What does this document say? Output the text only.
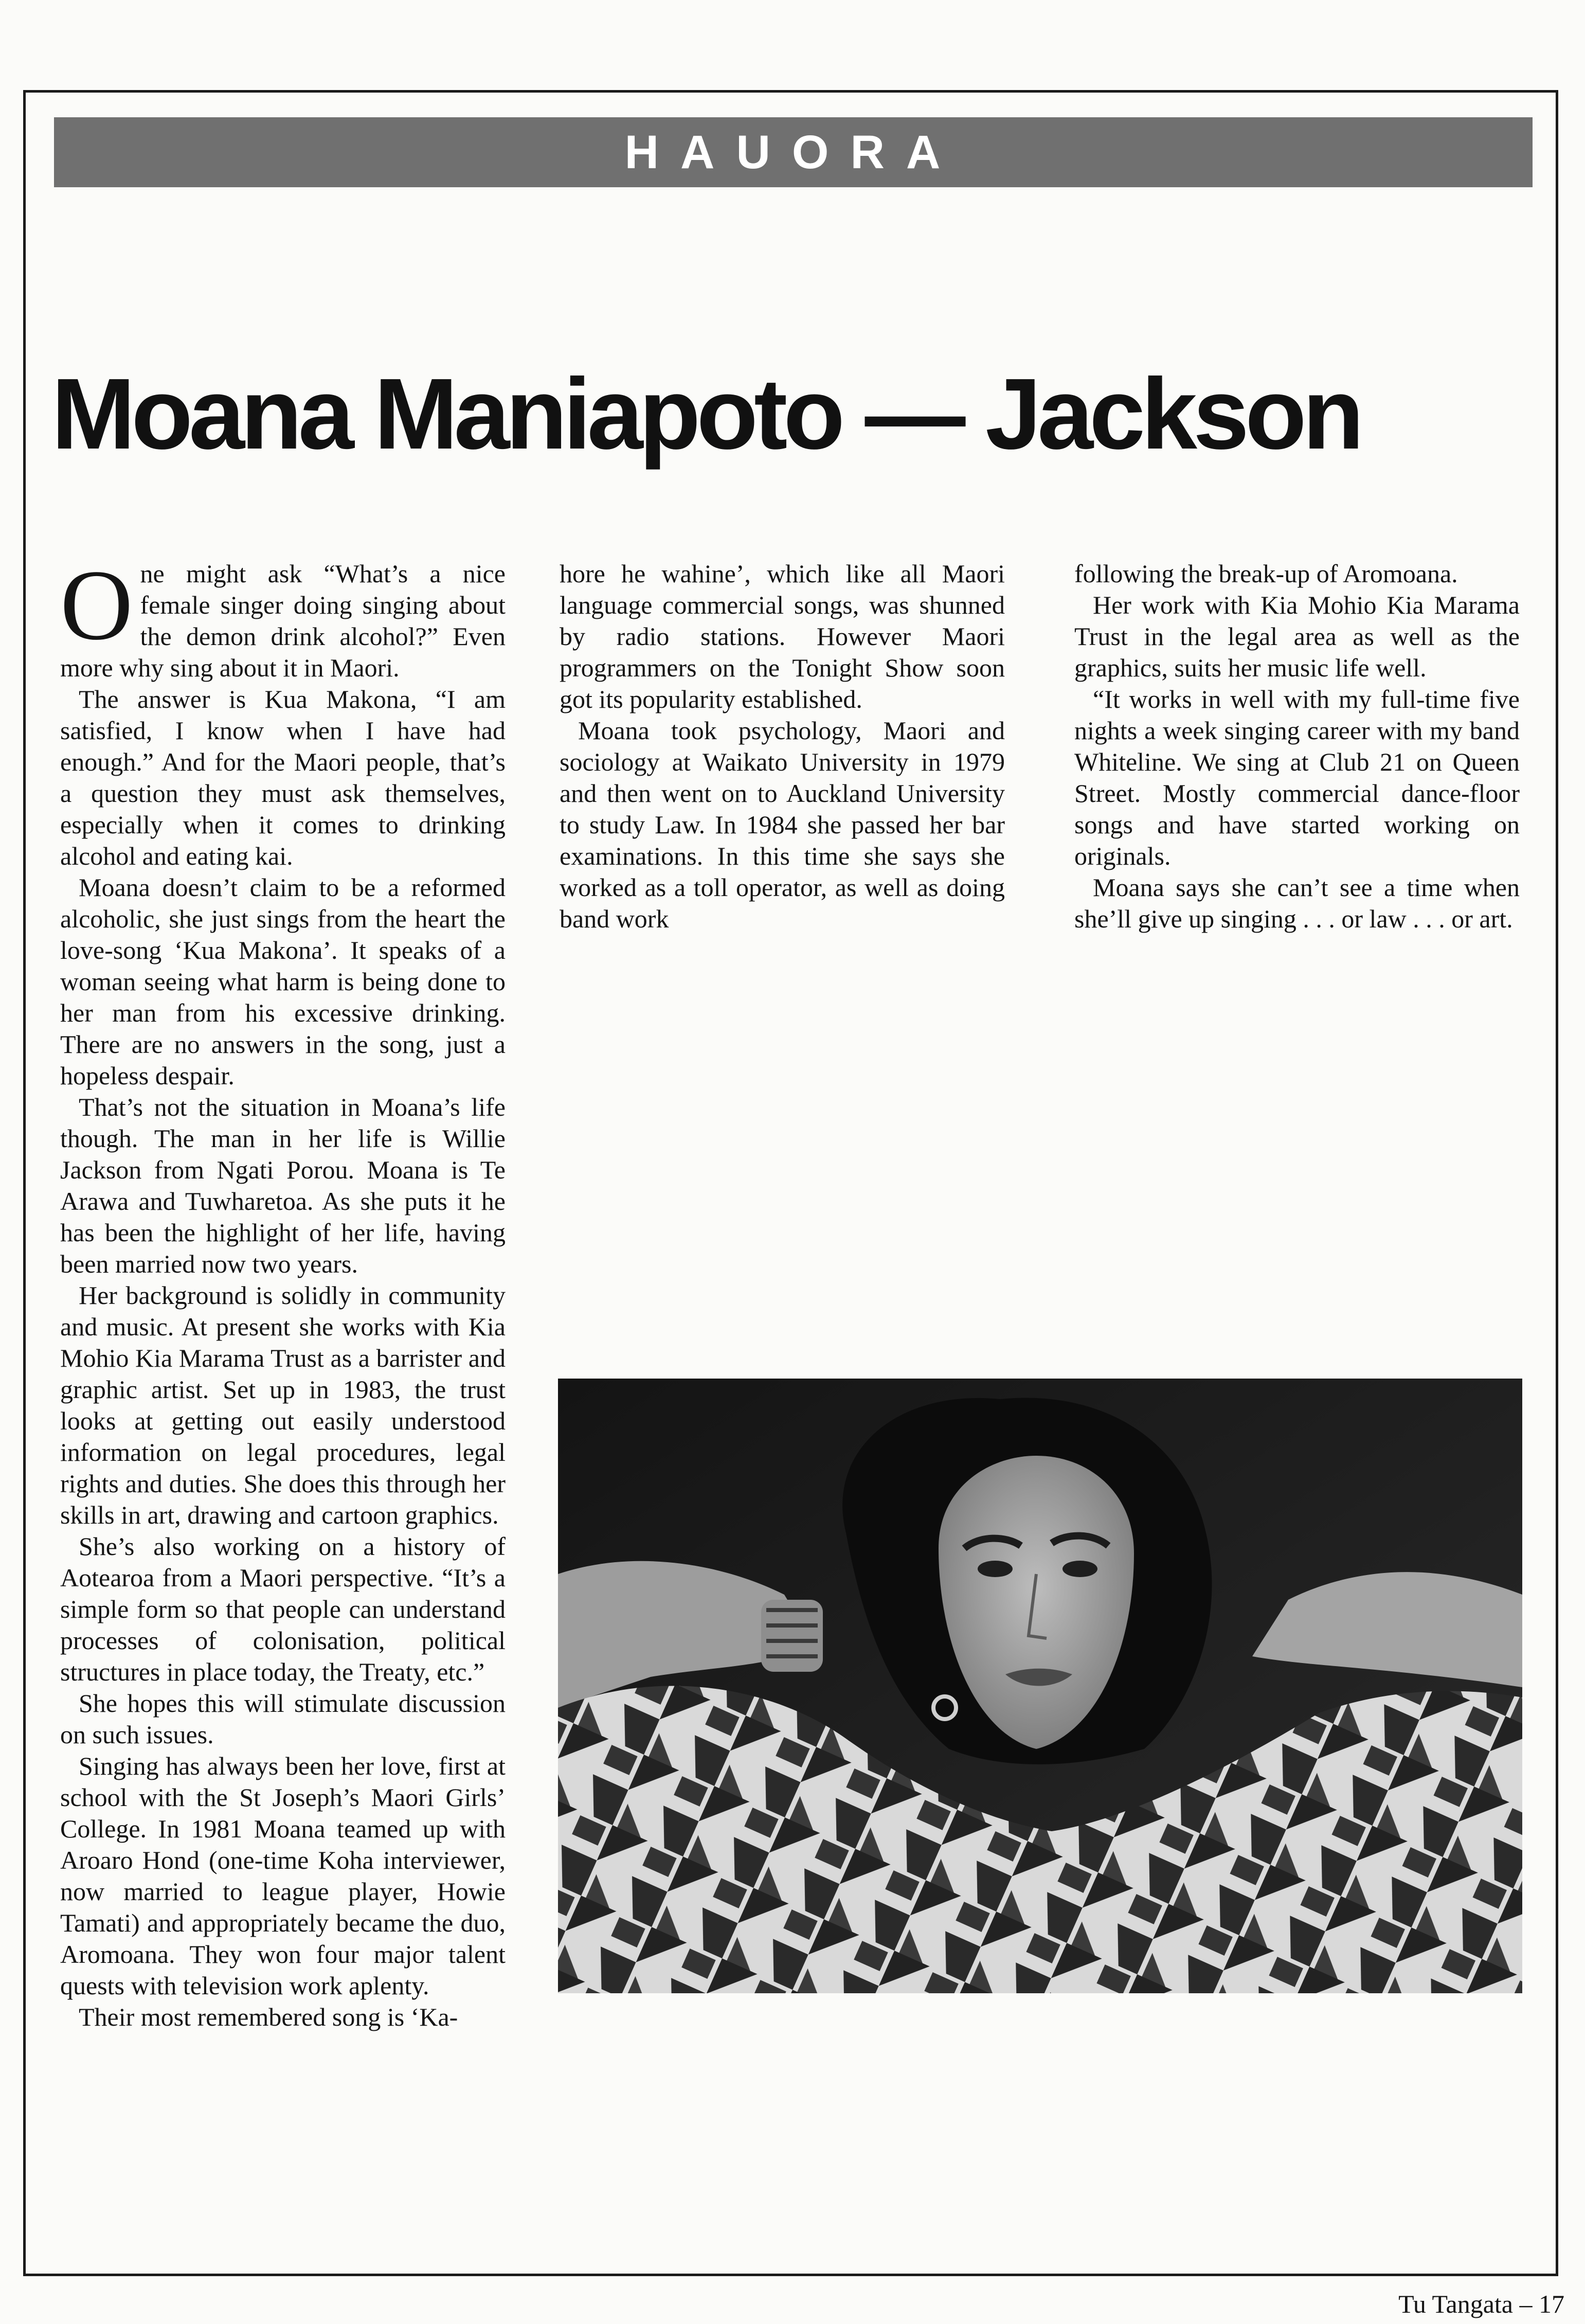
HAUORA
Moana Maniapoto — Jackson

One might ask “What’s a nice female singer doing singing about the demon drink alcohol?” Even more why sing about it in Maori.

The answer is Kua Makona, “I am satisfied, I know when I have had enough.” And for the Maori people, that’s a question they must ask themselves, especially when it comes to drinking alcohol and eating kai.

Moana doesn’t claim to be a reformed alcoholic, she just sings from the heart the love-song ‘Kua Makona’. It speaks of a woman seeing what harm is being done to her man from his excessive drinking. There are no answers in the song, just a hopeless despair.

That’s not the situation in Moana’s life though. The man in her life is Willie Jackson from Ngati Porou. Moana is Te Arawa and Tuwharetoa. As she puts it he has been the highlight of her life, having been married now two years.

Her background is solidly in community and music. At present she works with Kia Mohio Kia Marama Trust as a barrister and graphic artist. Set up in 1983, the trust looks at getting out easily understood information on legal procedures, legal rights and duties. She does this through her skills in art, drawing and cartoon graphics.

She’s also working on a history of Aotearoa from a Maori perspective. “It’s a simple form so that people can understand processes of colonisation, political structures in place today, the Treaty, etc.”

She hopes this will stimulate discussion on such issues.

Singing has always been her love, first at school with the St Joseph’s Maori Girls’ College. In 1981 Moana teamed up with Aroaro Hond (one-time Koha interviewer, now married to league player, Howie Tamati) and appropriately became the duo, Aromoana. They won four major talent quests with television work aplenty.

Their most remembered song is ‘Ka-

hore he wahine’, which like all Maori language commercial songs, was shunned by radio stations. However Maori programmers on the Tonight Show soon got its popularity established.

Moana took psychology, Maori and sociology at Waikato University in 1979 and then went on to Auckland University to study Law. In 1984 she passed her bar examinations. In this time she says she worked as a toll operator, as well as doing band work

following the break-up of Aromoana.

Her work with Kia Mohio Kia Marama Trust in the legal area as well as the graphics, suits her music life well.

“It works in well with my full-time five nights a week singing career with my band Whiteline. We sing at Club 21 on Queen Street. Mostly commercial dance-floor songs and have started working on originals.

Moana says she can’t see a time when she’ll give up singing . . . or law . . . or art.

Tu Tangata – 17
